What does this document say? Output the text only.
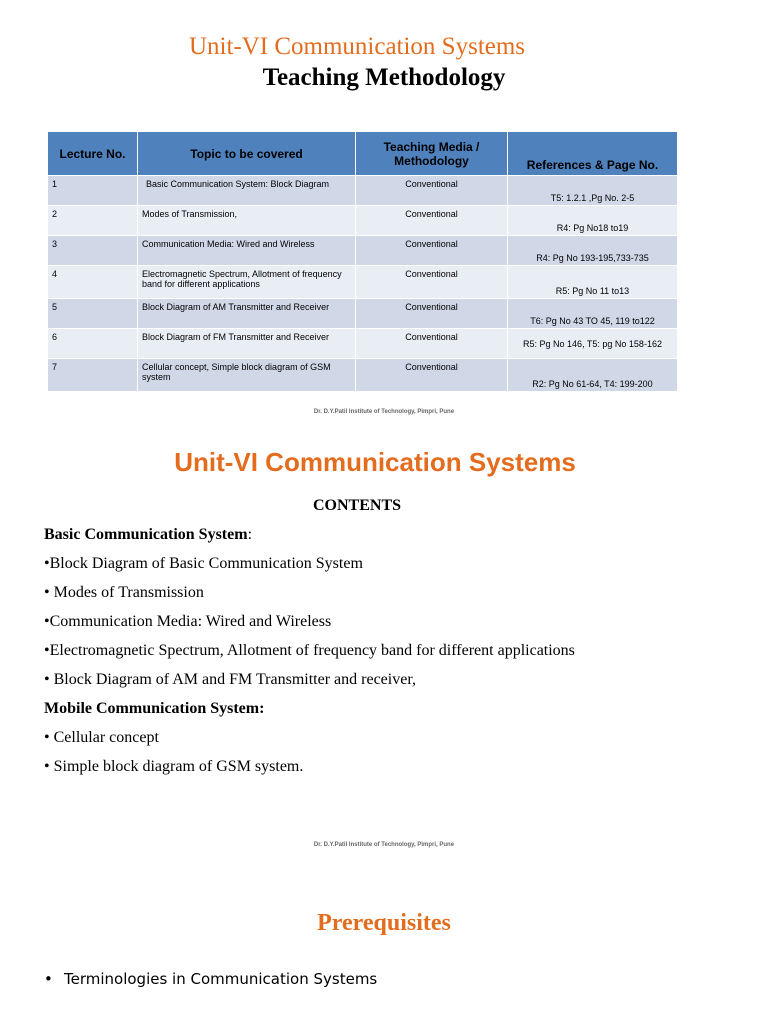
Unit-VI Communication Systems
Teaching Methodology
Lecture No.	Topic to be covered	Teaching Media / Methodology	References & Page No.
1	Basic Communication System: Block Diagram	Conventional	T5: 1.2.1 ,Pg No. 2-5
2	Modes of Transmission,	Conventional	R4: Pg No18 to19
3	Communication Media: Wired and Wireless	Conventional	R4: Pg No 193-195,733-735
4	Electromagnetic Spectrum, Allotment of frequency band for different applications	Conventional	R5: Pg No 11 to13
5	Block Diagram of AM Transmitter and Receiver	Conventional	T6: Pg No 43 TO 45, 119 to122
6	Block Diagram of FM Transmitter and Receiver	Conventional	R5: Pg No 146, T5: pg No 158-162
7	Cellular concept, Simple block diagram of GSM system	Conventional	R2: Pg No 61-64, T4: 199-200
Dr. D.Y.Patil Institute of Technology, Pimpri, Pune
Unit-VI Communication Systems
CONTENTS
Basic Communication System:
•Block Diagram of Basic Communication System
• Modes of Transmission
•Communication Media: Wired and Wireless
•Electromagnetic Spectrum, Allotment of frequency band for different applications
• Block Diagram of AM and FM Transmitter and receiver,
Mobile Communication System:
• Cellular concept
• Simple block diagram of GSM system.
Dr. D.Y.Patil Institute of Technology, Pimpri, Pune
Prerequisites
• Terminologies in Communication Systems
